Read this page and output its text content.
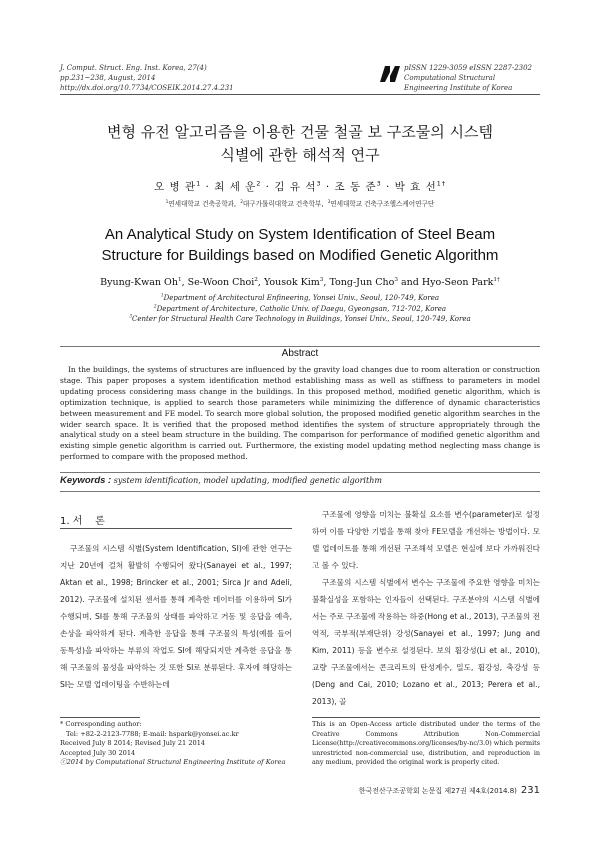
J. Comput. Struct. Eng. Inst. Korea, 27(4)
pp.231~238, August, 2014
http://dx.doi.org/10.7734/COSEIK.2014.27.4.231
pISSN 1229-3059 eISSN 2287-2302
Computational Structural
Engineering Institute of Korea
변형 유전 알고리즘을 이용한 건물 철골 보 구조물의 시스템
식별에 관한 해석적 연구
오 병 관$^1$ · 최 세 운$^2$ · 김 유 석$^3$ · 조 동 준$^3$ · 박 효 선$^{1\dagger}$
$^1$연세대학교 건축공학과, $^2$대구가톨릭대학교 건축학부, $^3$연세대학교 건축구조헬스케어연구단
An Analytical Study on System Identification of Steel Beam
Structure for Buildings based on Modified Genetic Algorithm
Byung-Kwan Oh$^1$, Se-Woon Choi$^2$, Yousok Kim$^3$, Tong-Jun Cho$^3$ and Hyo-Seon Park$^{1\dagger}$
$^1$Department of Architectural Enfineering, Yonsei Univ., Seoul, 120-749, Korea
$^2$Department of Architecture, Catholic Univ. of Daegu, Gyeongsan, 712-702, Korea
$^3$Center for Structural Health Care Technology in Buildings, Yonsei Univ., Seoul, 120-749, Korea
Abstract
In the buildings, the systems of structures are influenced by the gravity load changes due to room alteration or construction stage. This paper proposes a system identification method establishing mass as well as stiffness to parameters in model updating process considering mass change in the buildings. In this proposed method, modified genetic algorithm, which is optimization technique, is applied to search those parameters while minimizing the difference of dynamic characteristics between measurement and FE model. To search more global solution, the proposed modified genetic algorithm searches in the wider search space. It is verified that the proposed method identifies the system of structure appropriately through the analytical study on a steel beam structure in the building. The comparison for performance of modified genetic algorithm and existing simple genetic algorithm is carried out. Furthermore, the existing model updating method neglecting mass change is performed to compare with the proposed method.
Keywords : system identification, model updating, modified genetic algorithm
1. 서 론

구조물의 시스템 식별(System Identification, SI)에 관한 연구는 지난 20년에 걸쳐 활발히 수행되어 왔다(Sanayei et al., 1997; Aktan et al., 1998; Brincker et al., 2001; Sirca Jr and Adeli, 2012). 구조물에 설치된 센서를 통해 계측한 데이터를 이용하여 SI가 수행되며, SI를 통해 구조물의 상태를 파악하고 거동 및 응답을 예측, 손상을 파악하게 된다. 계측한 응답을 통해 구조물의 특성(예를 들어 동특성)을 파악하는 부류의 작업도 SI에 해당되지만 계측한 응답을 통해 구조물의 물성을 파악하는 것 또한 SI로 분류된다. 후자에 해당하는 SI는 모델 업데이팅을 수반하는데

구조물에 영향을 미치는 불확실 요소를 변수(parameter)로 설정하여 이를 다양한 기법을 통해 찾아 FE모델을 개선하는 방법이다. 모델 업데이트를 통해 개선된 구조해석 모델은 현실에 보다 가까워진다고 볼 수 있다.

구조물의 시스템 식별에서 변수는 구조물에 주요한 영향을 미치는 불확실성을 포함하는 인자들이 선택된다. 구조분야의 시스템 식별에서는 주로 구조물에 작용하는 하중(Hong et al., 2013), 구조물의 전역적, 국부적(부재단위) 강성(Sanayei et al., 1997; Jung and Kim, 2011) 등을 변수로 설정된다. 보의 휨강성(Li et al., 2010), 교량 구조물에서는 콘크리트의 탄성계수, 밀도, 휨강성, 축강성 등(Deng and Cai, 2010; Lozano et al., 2013; Perera et al., 2013), 골

* Corresponding author:
Tel: +82-2-2123-7788; E-mail: hspark@yonsei.ac.kr
Received July 8 2014; Revised July 21 2014
Accepted July 30 2014
ⓒ2014 by Computational Structural Engineering Institute of Korea
This is an Open-Access article distributed under the terms of the Creative Commons Attribution Non-Commercial License(http://creativecommons.org/licenses/by-nc/3.0) which permits unrestricted non-commercial use, distribution, and reproduction in any medium, provided the original work is properly cited.
한국전산구조공학회 논문집 제27권 제4호(2014.8) 231
